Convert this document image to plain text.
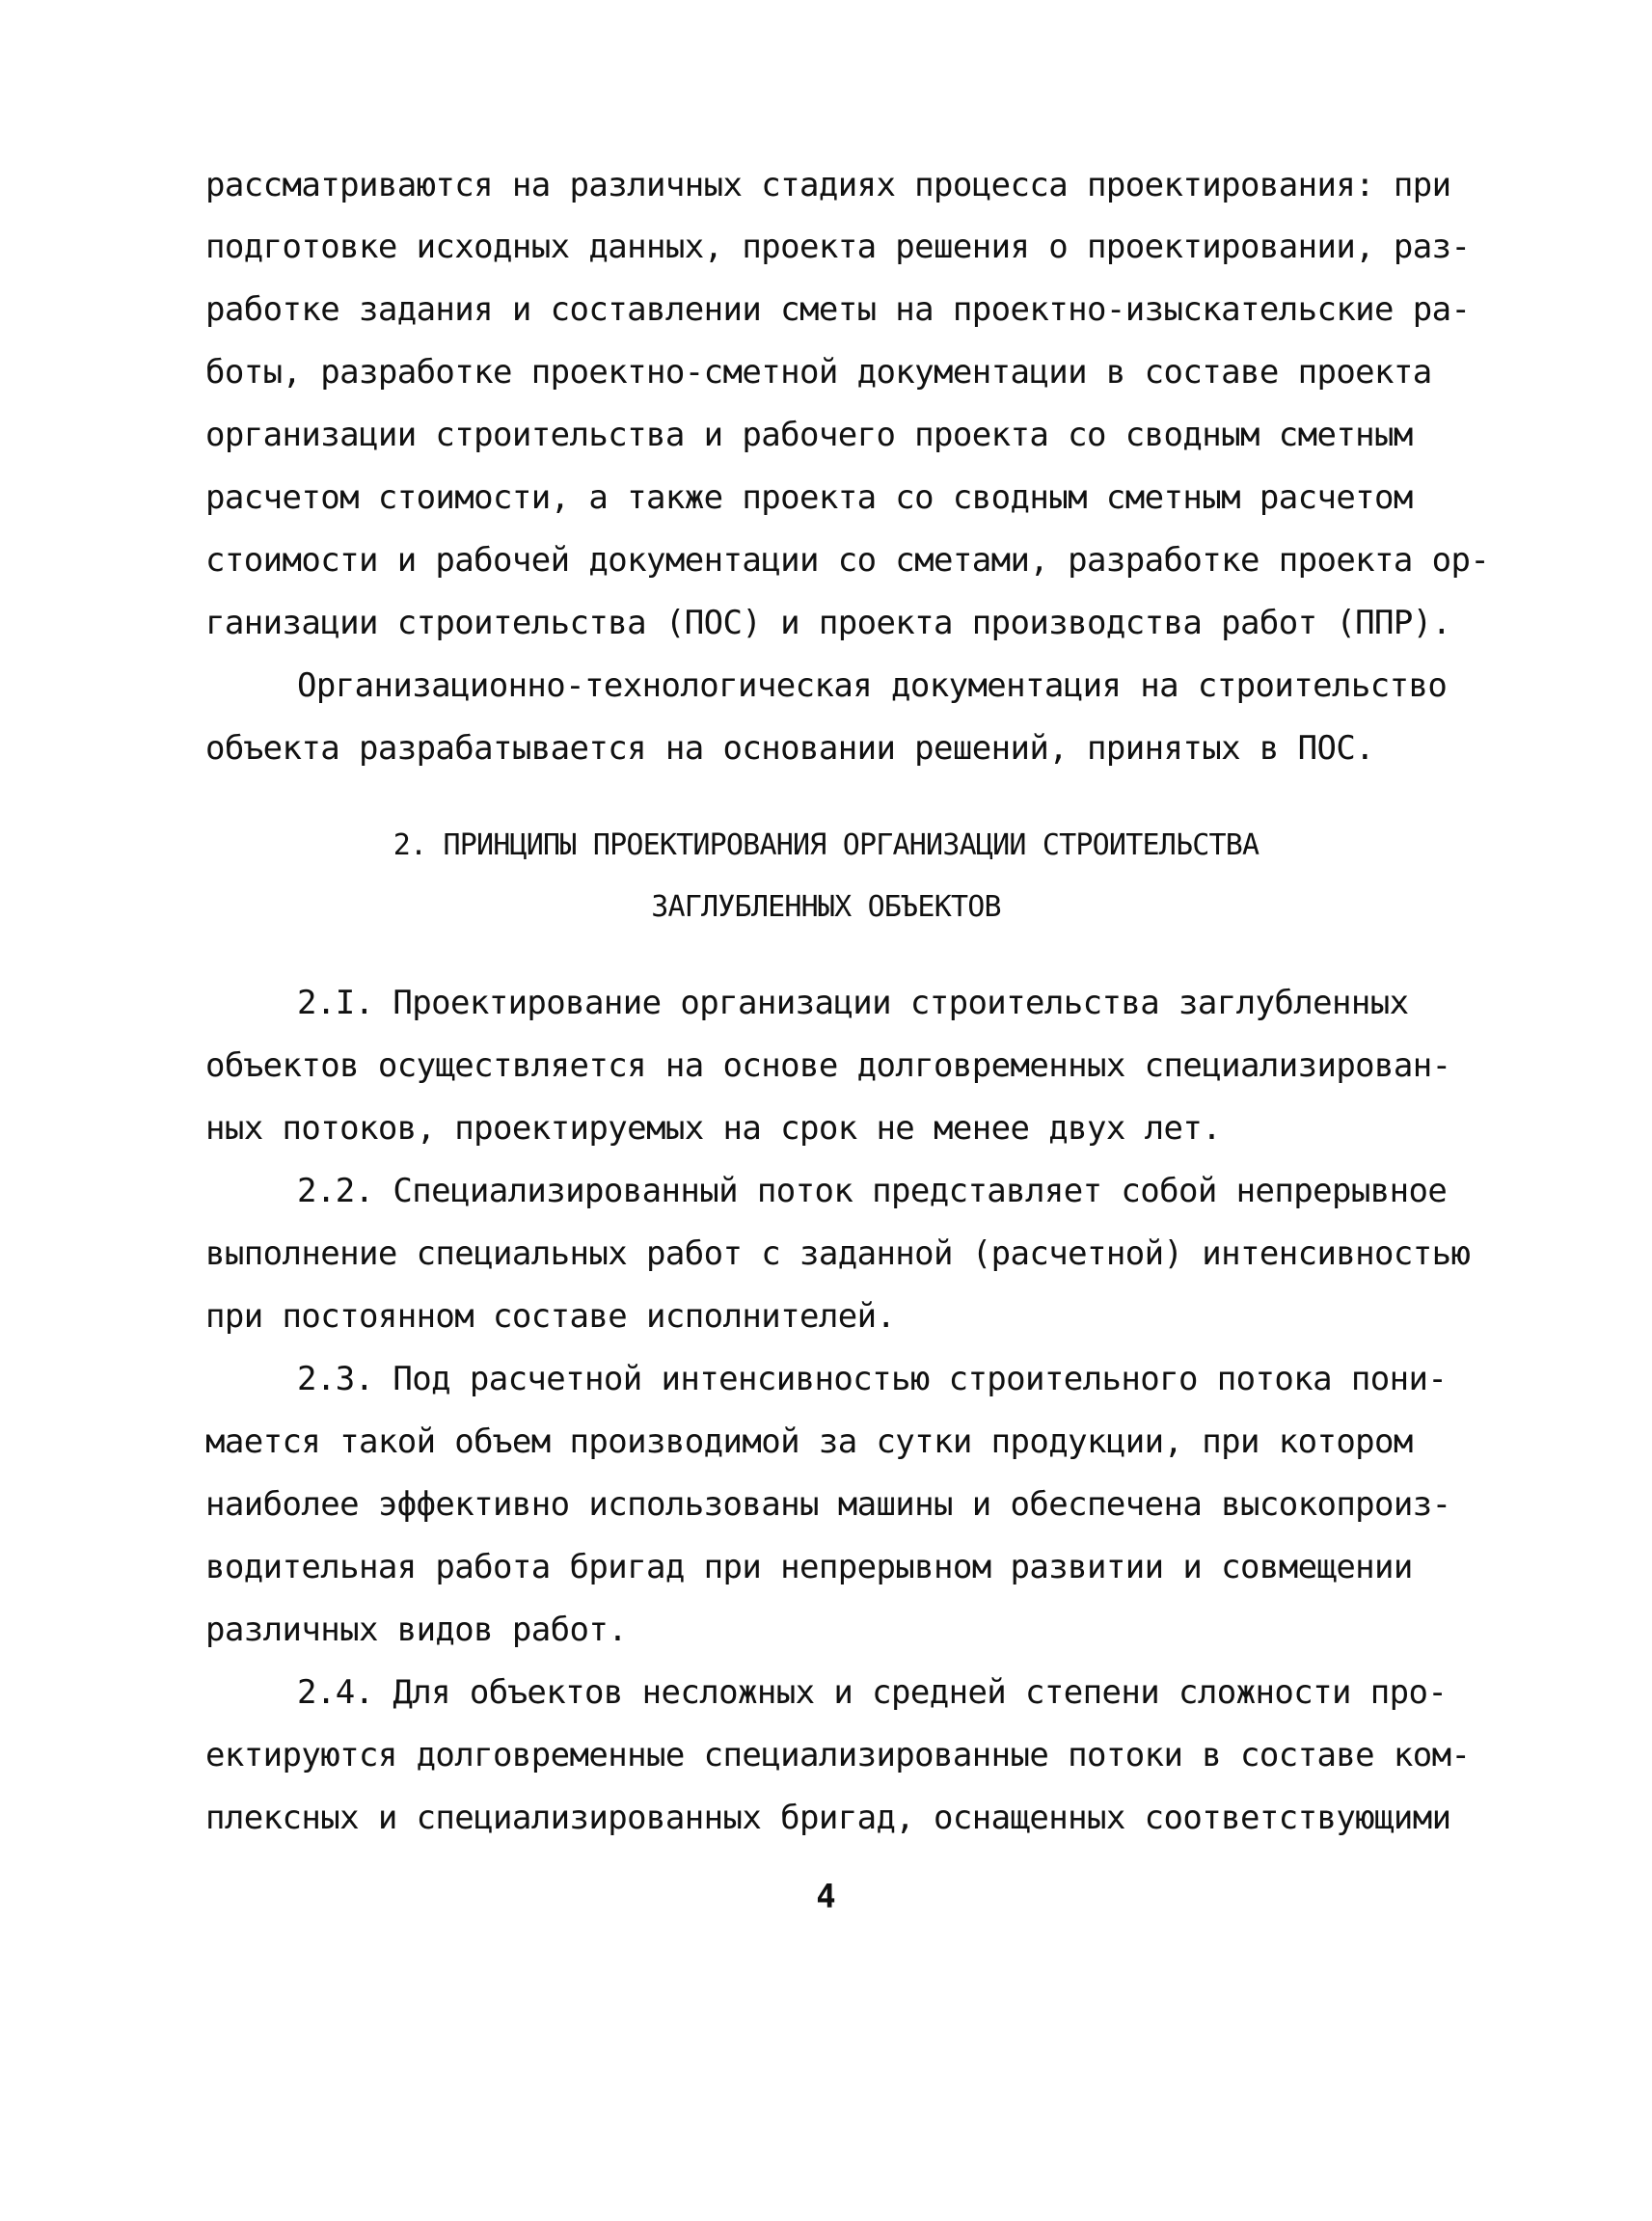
рассматриваются на различных стадиях процесса проектирования: при
подготовке исходных данных, проекта решения о проектировании, раз-
работке задания и составлении сметы на проектно-изыскательские ра-
боты, разработке проектно-сметной документации в составе проекта
организации строительства и рабочего проекта со сводным сметным
расчетом стоимости, а также проекта со сводным сметным расчетом
стоимости и рабочей документации со сметами, разработке проекта ор-
ганизации строительства (ПОС) и проекта производства работ (ППР).
Организационно-технологическая документация на строительство
объекта разрабатывается на основании решений, принятых в ПОС.
2. ПРИНЦИПЫ ПРОЕКТИРОВАНИЯ ОРГАНИЗАЦИИ СТРОИТЕЛЬСТВА
ЗАГЛУБЛЕННЫХ ОБЪЕКТОВ
2.I. Проектирование организации строительства заглубленных
объектов осуществляется на основе долговременных специализирован-
ных потоков, проектируемых на срок не менее двух лет.
2.2. Специализированный поток представляет собой непрерывное
выполнение специальных работ с заданной (расчетной) интенсивностью
при постоянном составе исполнителей.
2.3. Под расчетной интенсивностью строительного потока пони-
мается такой объем производимой за сутки продукции, при котором
наиболее эффективно использованы машины и обеспечена высокопроиз-
водительная работа бригад при непрерывном развитии и совмещении
различных видов работ.
2.4. Для объектов несложных и средней степени сложности про-
ектируются долговременные специализированные потоки в составе ком-
плексных и специализированных бригад, оснащенных соответствующими
4
